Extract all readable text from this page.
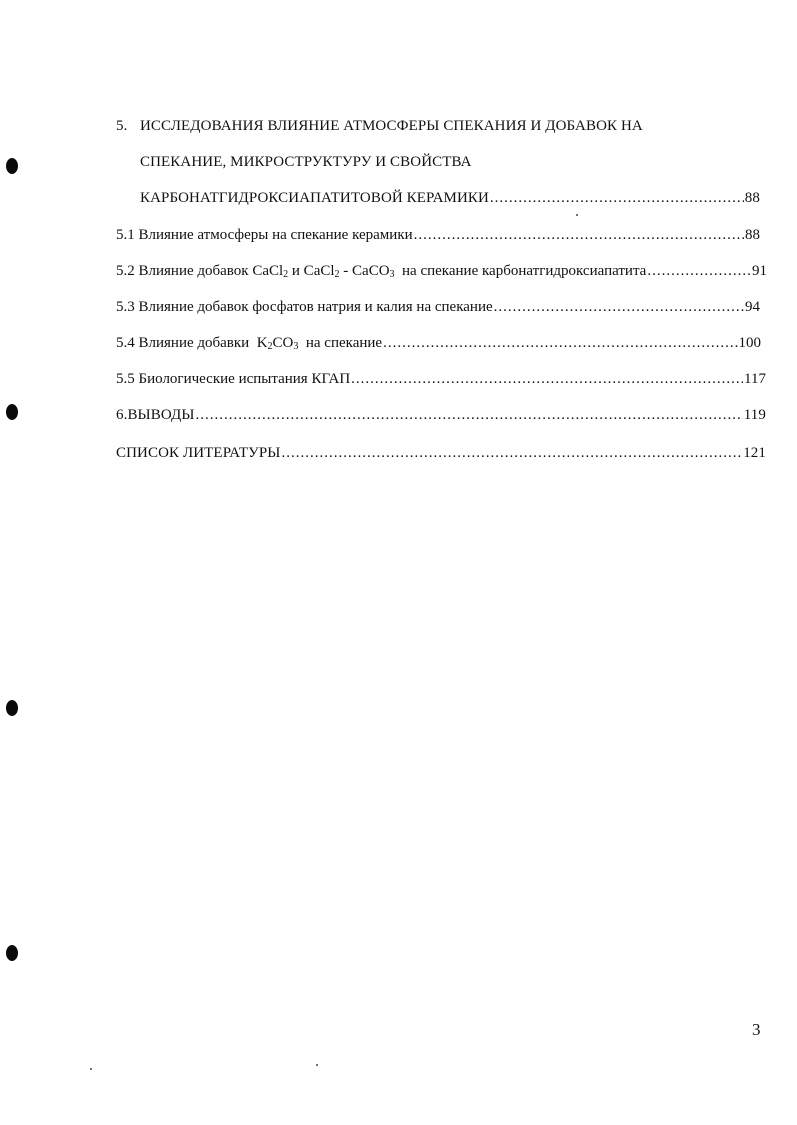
5. ИССЛЕДОВАНИЯ ВЛИЯНИЕ АТМОСФЕРЫ СПЕКАНИЯ И ДОБАВОК НА
СПЕКАНИЕ, МИКРОСТРУКТУРУ И СВОЙСТВА
КАРБОНАТГИДРОКСИАПАТИТОВОЙ КЕРАМИКИ .....	88
5.1 Влияние атмосферы на спекание керамики .....	88
5.2 Влияние добавок CaCl$_2$ и CaCl$_2$ - CaCO$_3$  на спекание карбонатгидроксиапатита .....	91
5.3 Влияние добавок фосфатов натрия и калия на спекание .....	94
5.4 Влияние добавки  $K_2CO_3$  на спекание .....	100
5.5 Биологические испытания КГАП .....	117
6. ВЫВОДЫ .....	119
СПИСОК ЛИТЕРАТУРЫ .....	121
3
